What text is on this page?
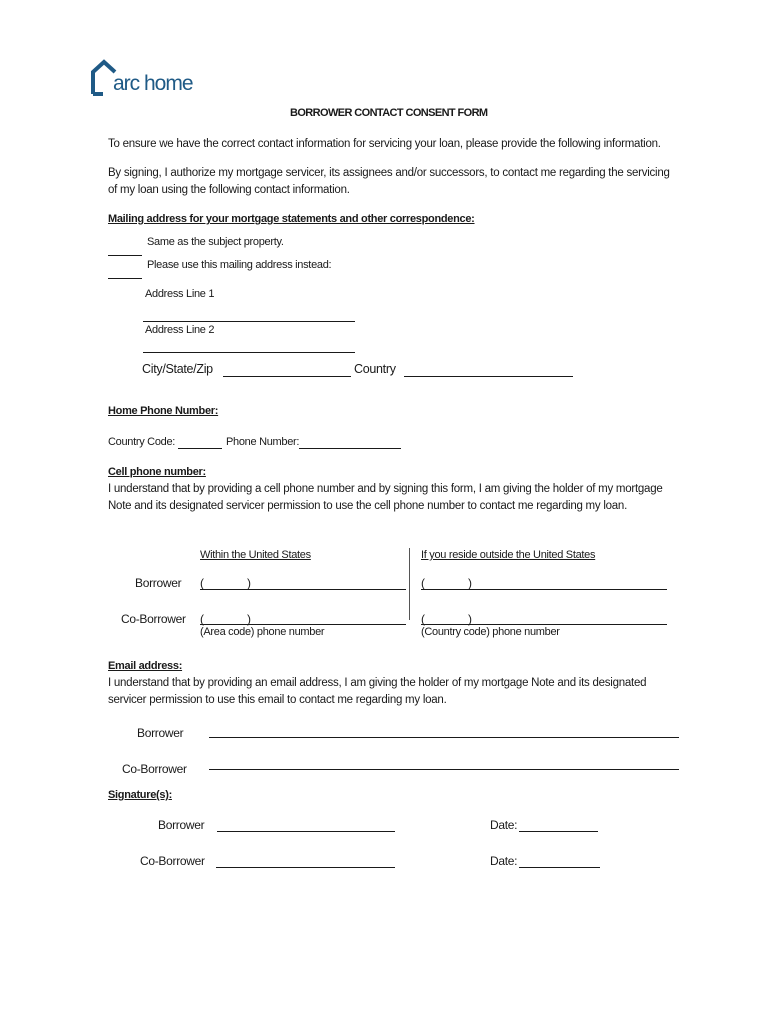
arc home
BORROWER CONTACT CONSENT FORM
To ensure we have the correct contact information for servicing your loan, please provide the following information.
By signing, I authorize my mortgage servicer, its assignees and/or successors, to contact me regarding the servicing of my loan using the following contact information.
Mailing address for your mortgage statements and other correspondence:
Same as the subject property.
Please use this mailing address instead:
Address Line 1
Address Line 2
City/State/Zip	Country
Home Phone Number:
Country Code:	Phone Number:
Cell phone number:
I understand that by providing a cell phone number and by signing this form, I am giving the holder of my mortgage Note and its designated servicer permission to use the cell phone number to contact me regarding my loan.
Within the United States	If you reside outside the United States
Borrower (	)	(	)
Co-Borrower (	)	(	)
(Area code) phone number	(Country code) phone number
Email address:
I understand that by providing an email address, I am giving the holder of my mortgage Note and its designated servicer permission to use this email to contact me regarding my loan.
Borrower
Co-Borrower
Signature(s):
Borrower	Date:
Co-Borrower	Date:
